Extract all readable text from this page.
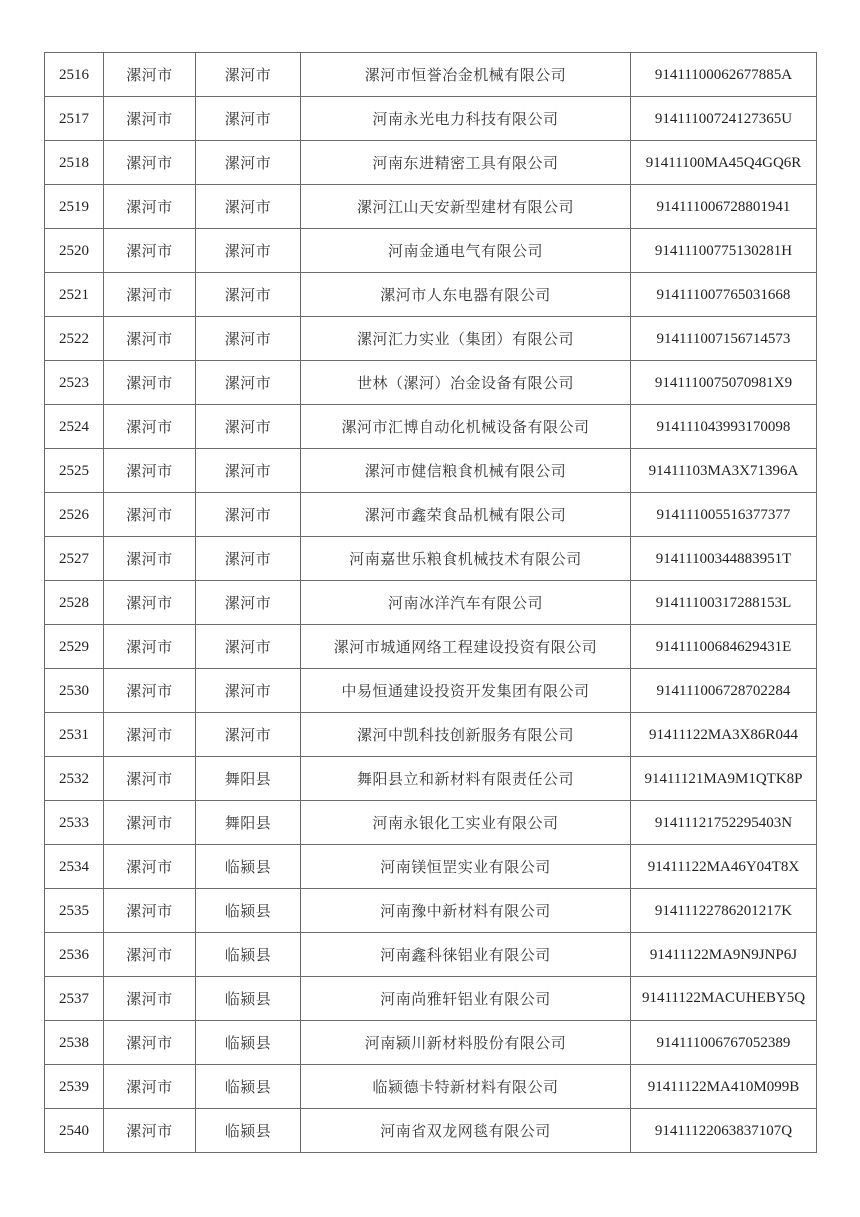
2516	漯河市	漯河市	漯河市恒誉冶金机械有限公司	91411100062677885A
2517	漯河市	漯河市	河南永光电力科技有限公司	91411100724127365U
2518	漯河市	漯河市	河南东进精密工具有限公司	91411100MA45Q4GQ6R
2519	漯河市	漯河市	漯河江山天安新型建材有限公司	914111006728801941
2520	漯河市	漯河市	河南金通电气有限公司	91411100775130281H
2521	漯河市	漯河市	漯河市人东电器有限公司	914111007765031668
2522	漯河市	漯河市	漯河汇力实业（集团）有限公司	914111007156714573
2523	漯河市	漯河市	世林（漯河）冶金设备有限公司	9141110075070981X9
2524	漯河市	漯河市	漯河市汇博自动化机械设备有限公司	914111043993170098
2525	漯河市	漯河市	漯河市健信粮食机械有限公司	91411103MA3X71396A
2526	漯河市	漯河市	漯河市鑫荣食品机械有限公司	914111005516377377
2527	漯河市	漯河市	河南嘉世乐粮食机械技术有限公司	91411100344883951T
2528	漯河市	漯河市	河南冰洋汽车有限公司	91411100317288153L
2529	漯河市	漯河市	漯河市城通网络工程建设投资有限公司	91411100684629431E
2530	漯河市	漯河市	中易恒通建设投资开发集团有限公司	914111006728702284
2531	漯河市	漯河市	漯河中凯科技创新服务有限公司	91411122MA3X86R044
2532	漯河市	舞阳县	舞阳县立和新材料有限责任公司	91411121MA9M1QTK8P
2533	漯河市	舞阳县	河南永银化工实业有限公司	91411121752295403N
2534	漯河市	临颍县	河南镁恒罡实业有限公司	91411122MA46Y04T8X
2535	漯河市	临颍县	河南豫中新材料有限公司	91411122786201217K
2536	漯河市	临颍县	河南鑫科徕铝业有限公司	91411122MA9N9JNP6J
2537	漯河市	临颍县	河南尚雅轩铝业有限公司	91411122MACUHEBY5Q
2538	漯河市	临颍县	河南颍川新材料股份有限公司	914111006767052389
2539	漯河市	临颍县	临颍德卡特新材料有限公司	91411122MA410M099B
2540	漯河市	临颍县	河南省双龙网毯有限公司	91411122063837107Q
